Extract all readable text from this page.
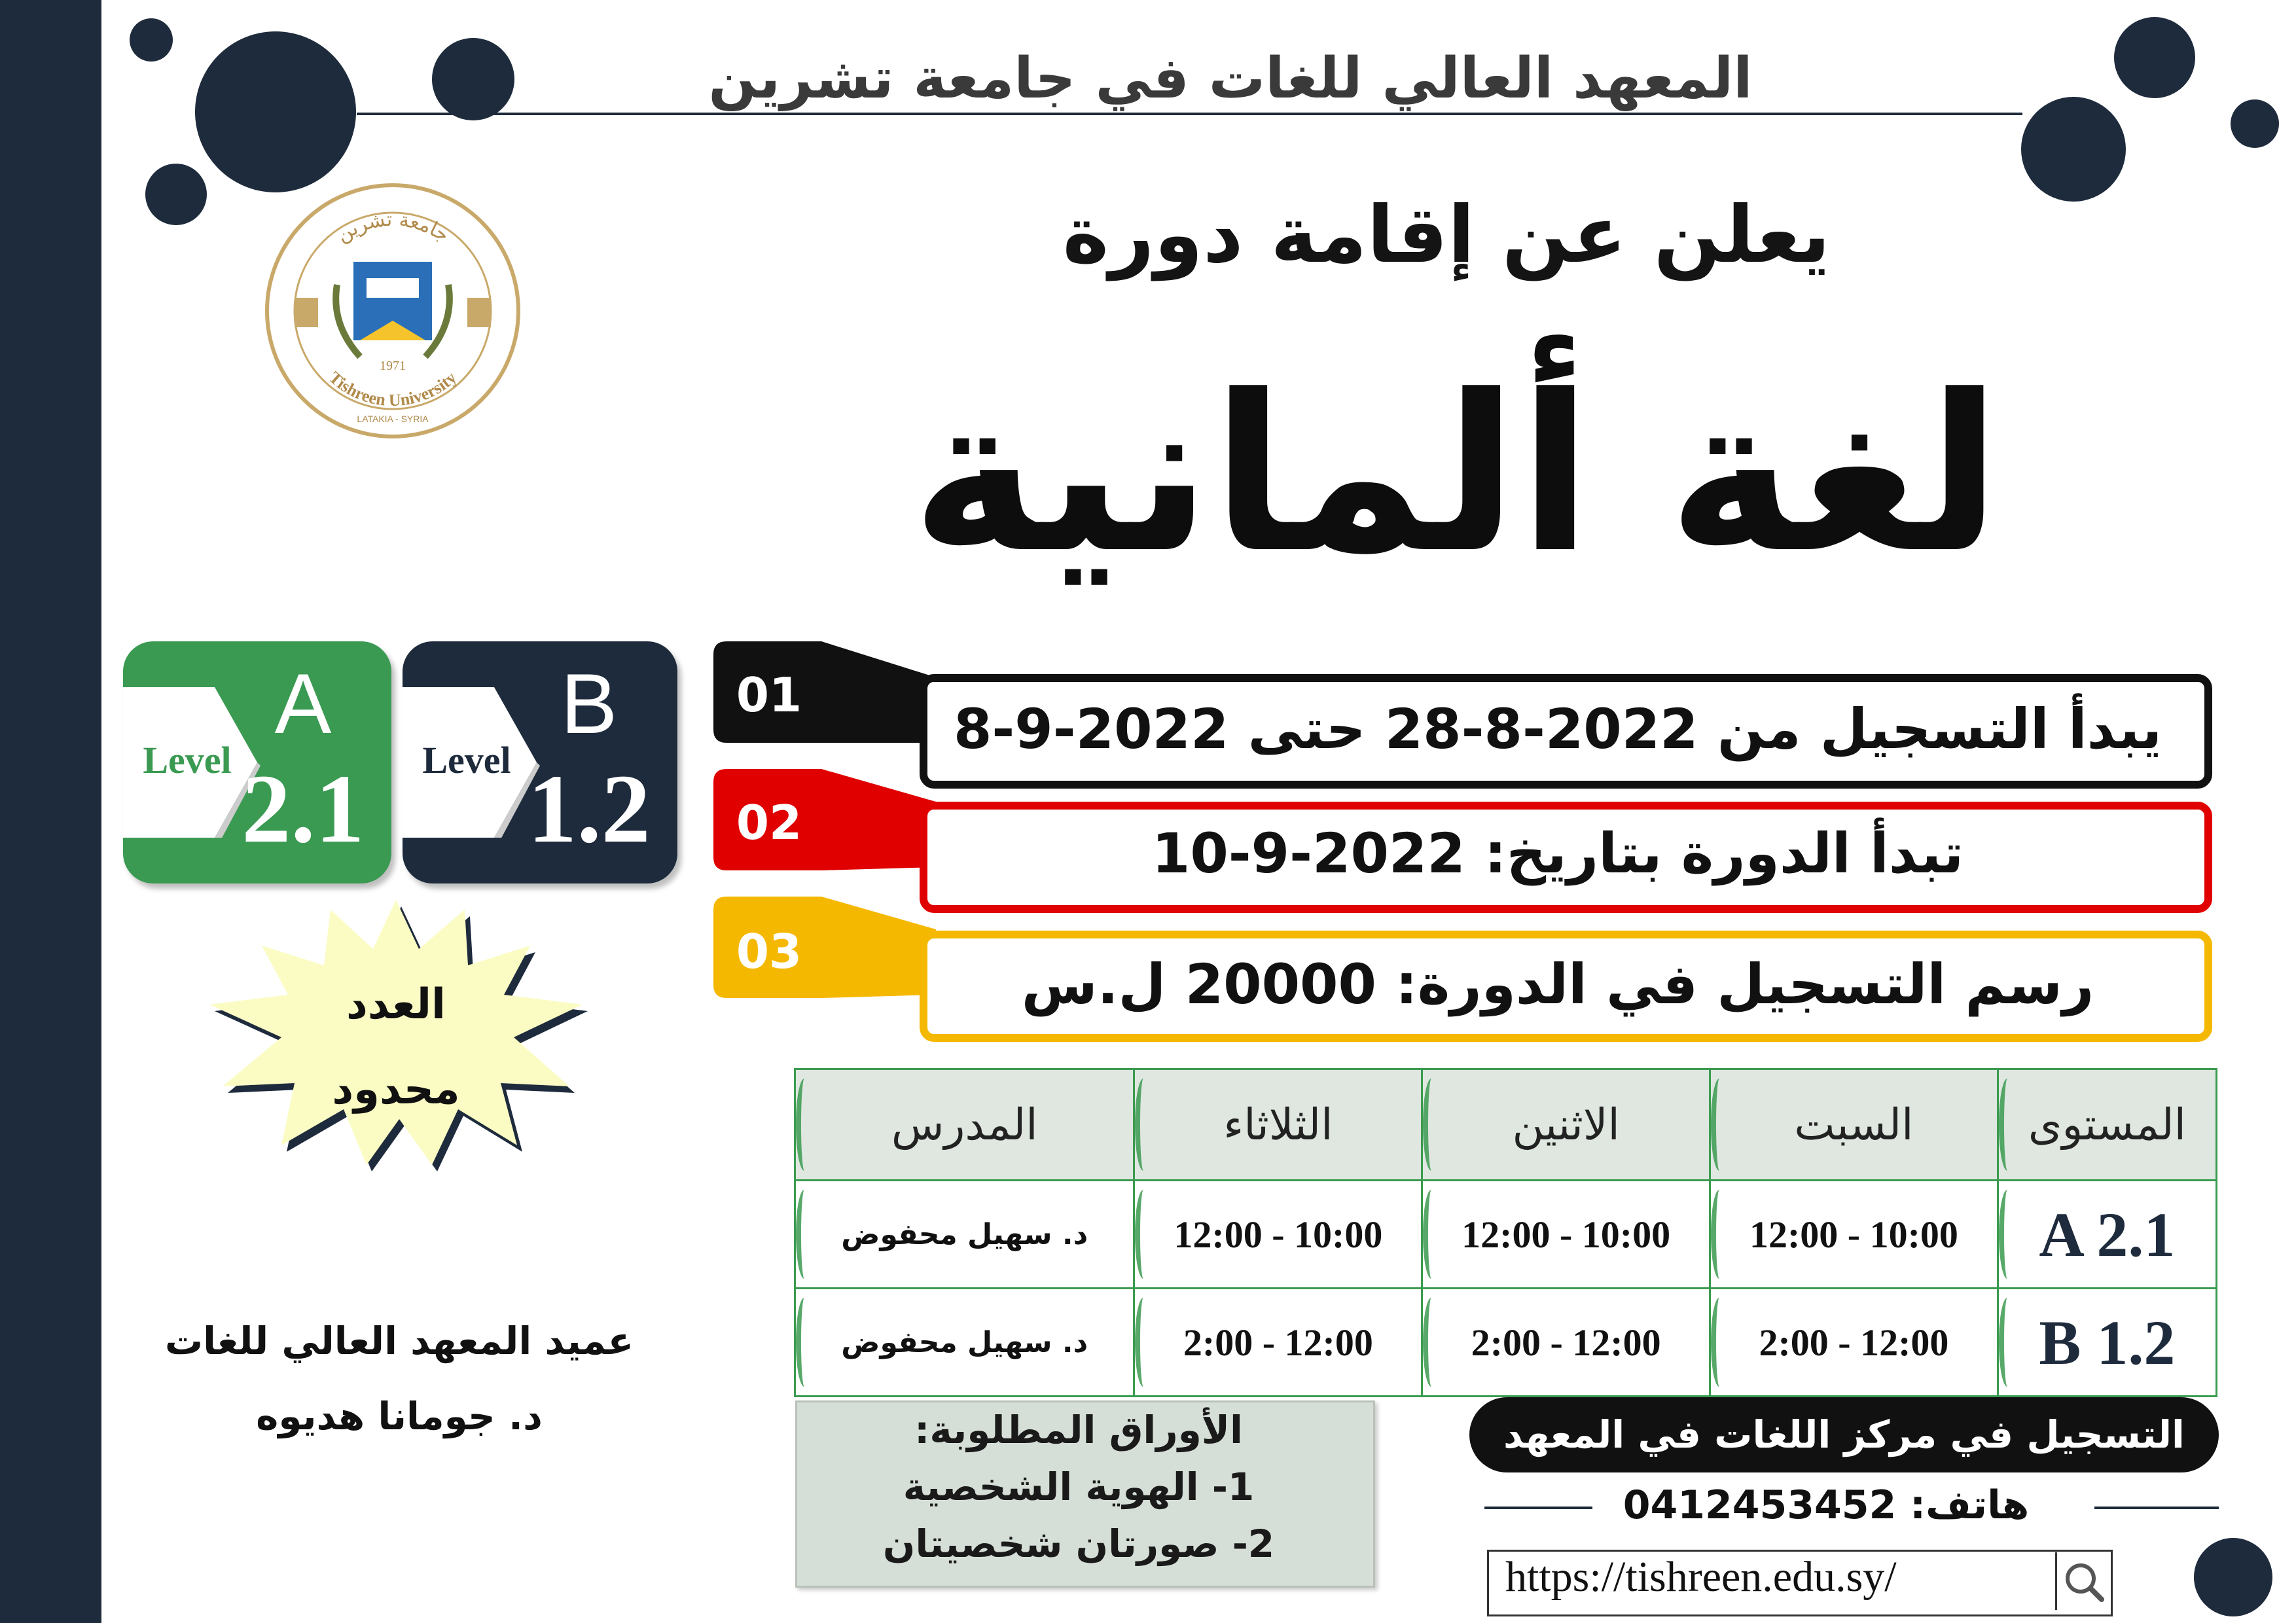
المعهد العالي للغات في جامعة تشرين
يعلن عن إقامة دورة
لغة ألمانية
جامعة تشرين
Tishreen University
1971
LATAKIA - SYRIA
Level
A
2.1	Level
B
1.2
العدد
محدود
01
02
03
يبدأ التسجيل من 2022-8-28 حتى 2022-9-8
تبدأ الدورة بتاريخ: 2022-9-10
رسم التسجيل في الدورة: 20000 ل.س
المستوى	السبت	الاثنين	الثلاثاء	المدرس

A 2.1	12:00 - 10:00	12:00 - 10:00	12:00 - 10:00	د. سهيل محفوض

B 1.2	2:00 - 12:00	2:00 - 12:00	2:00 - 12:00	د. سهيل محفوض
الأوراق المطلوبة:
1- الهوية الشخصية
2- صورتان شخصيتان
التسجيل في مركز اللغات في المعهد
هاتف: 0412453452
https://tishreen.edu.sy/
عميد المعهد العالي للغات
د. جومانا هديوه
